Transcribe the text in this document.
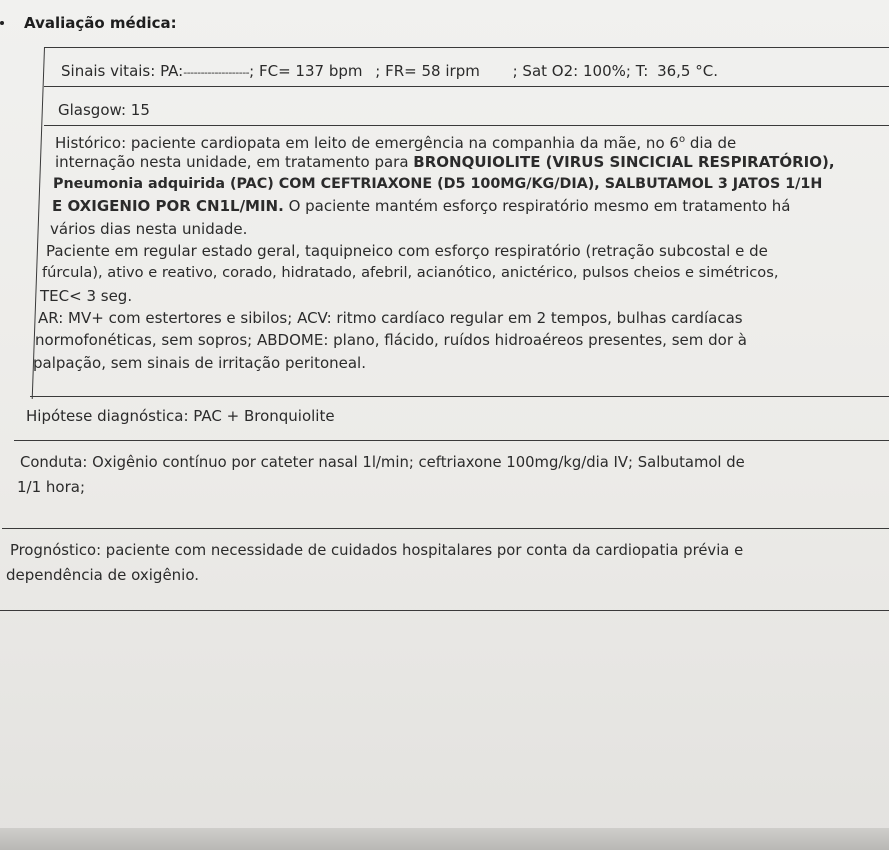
Avaliação médica:
Sinais vitais: PA:-------------------; FC= 137 bpm ; FR= 58 irpm ; Sat O2: 100%; T: 36,5 °C.
Glasgow: 15
Histórico: paciente cardiopata em leito de emergência na companhia da mãe, no 6$^o$ dia de
internação nesta unidade, em tratamento para BRONQUIOLITE (VIRUS SINCICIAL RESPIRATÓRIO),
Pneumonia adquirida (PAC) COM CEFTRIAXONE (D5 100MG/KG/DIA), SALBUTAMOL 3 JATOS 1/1H
E OXIGENIO POR CN1L/MIN. O paciente mantém esforço respiratório mesmo em tratamento há
vários dias nesta unidade.
Paciente em regular estado geral, taquipneico com esforço respiratório (retração subcostal e de
fúrcula), ativo e reativo, corado, hidratado, afebril, acianótico, anictérico, pulsos cheios e simétricos,
TEC< 3 seg.
AR: MV+ com estertores e sibilos; ACV: ritmo cardíaco regular em 2 tempos, bulhas cardíacas
normofonéticas, sem sopros; ABDOME: plano, flácido, ruídos hidroaéreos presentes, sem dor à
palpação, sem sinais de irritação peritoneal.
Hipótese diagnóstica: PAC + Bronquiolite
Conduta: Oxigênio contínuo por cateter nasal 1l/min; ceftriaxone 100mg/kg/dia IV; Salbutamol de
1/1 hora;
Prognóstico: paciente com necessidade de cuidados hospitalares por conta da cardiopatia prévia e
dependência de oxigênio.
